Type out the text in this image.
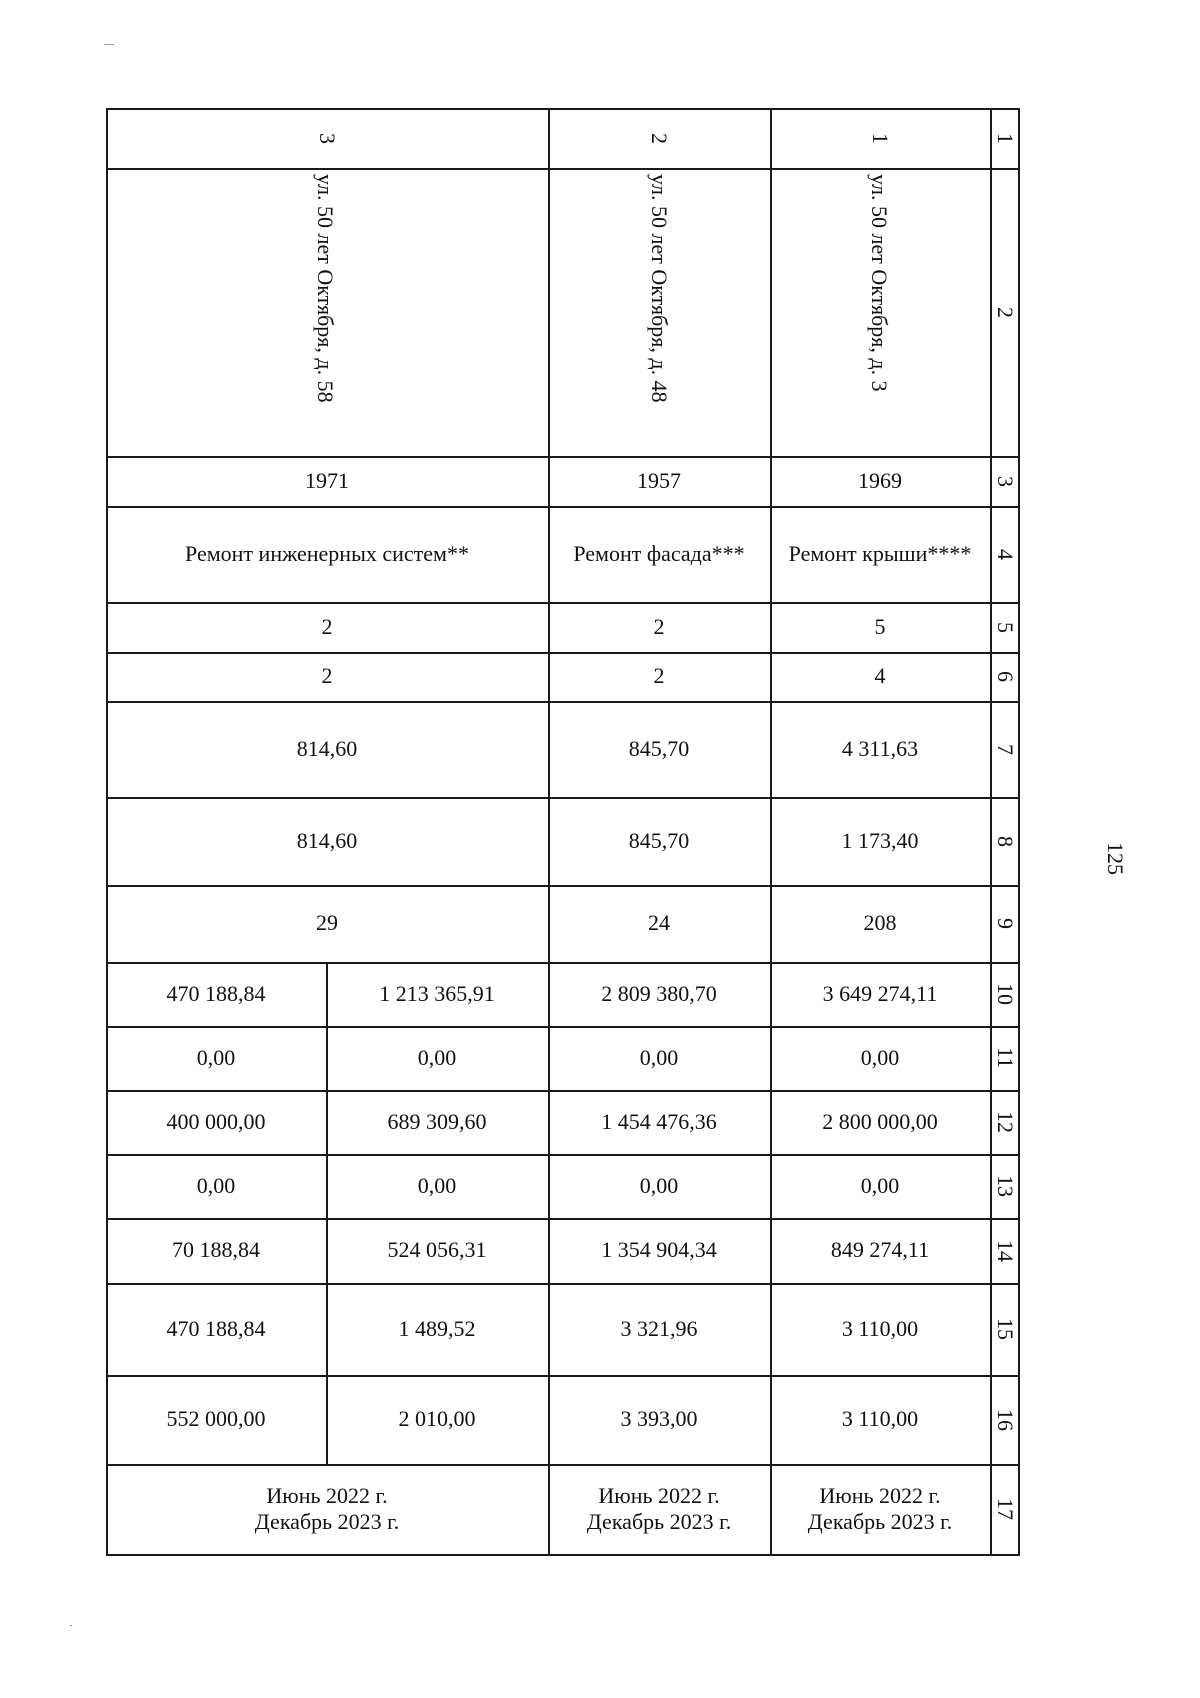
125
1
2
3
4
5
6
7
8
9
10
11
12
13
14
15
16
17
1
ул. 50 лет Октября, д. 3
1969
Ремонт крыши****
5
4
4 311,63
1 173,40
208
3 649 274,11
0,00
2 800 000,00
0,00
849 274,11
3 110,00
3 110,00
Июнь 2022 г.
Декабрь 2023 г.
2
ул. 50 лет Октября, д. 48
1957
Ремонт фасада***
2
2
845,70
845,70
24
2 809 380,70
0,00
1 454 476,36
0,00
1 354 904,34
3 321,96
3 393,00
Июнь 2022 г.
Декабрь 2023 г.
3
ул. 50 лет Октября, д. 58
1971
Ремонт инженерных систем**
2
2
814,60
814,60
29
1 213 365,91
470 188,84
0,00
0,00
689 309,60
400 000,00
0,00
0,00
524 056,31
70 188,84
1 489,52
470 188,84
2 010,00
552 000,00
Июнь 2022 г.
Декабрь 2023 г.
